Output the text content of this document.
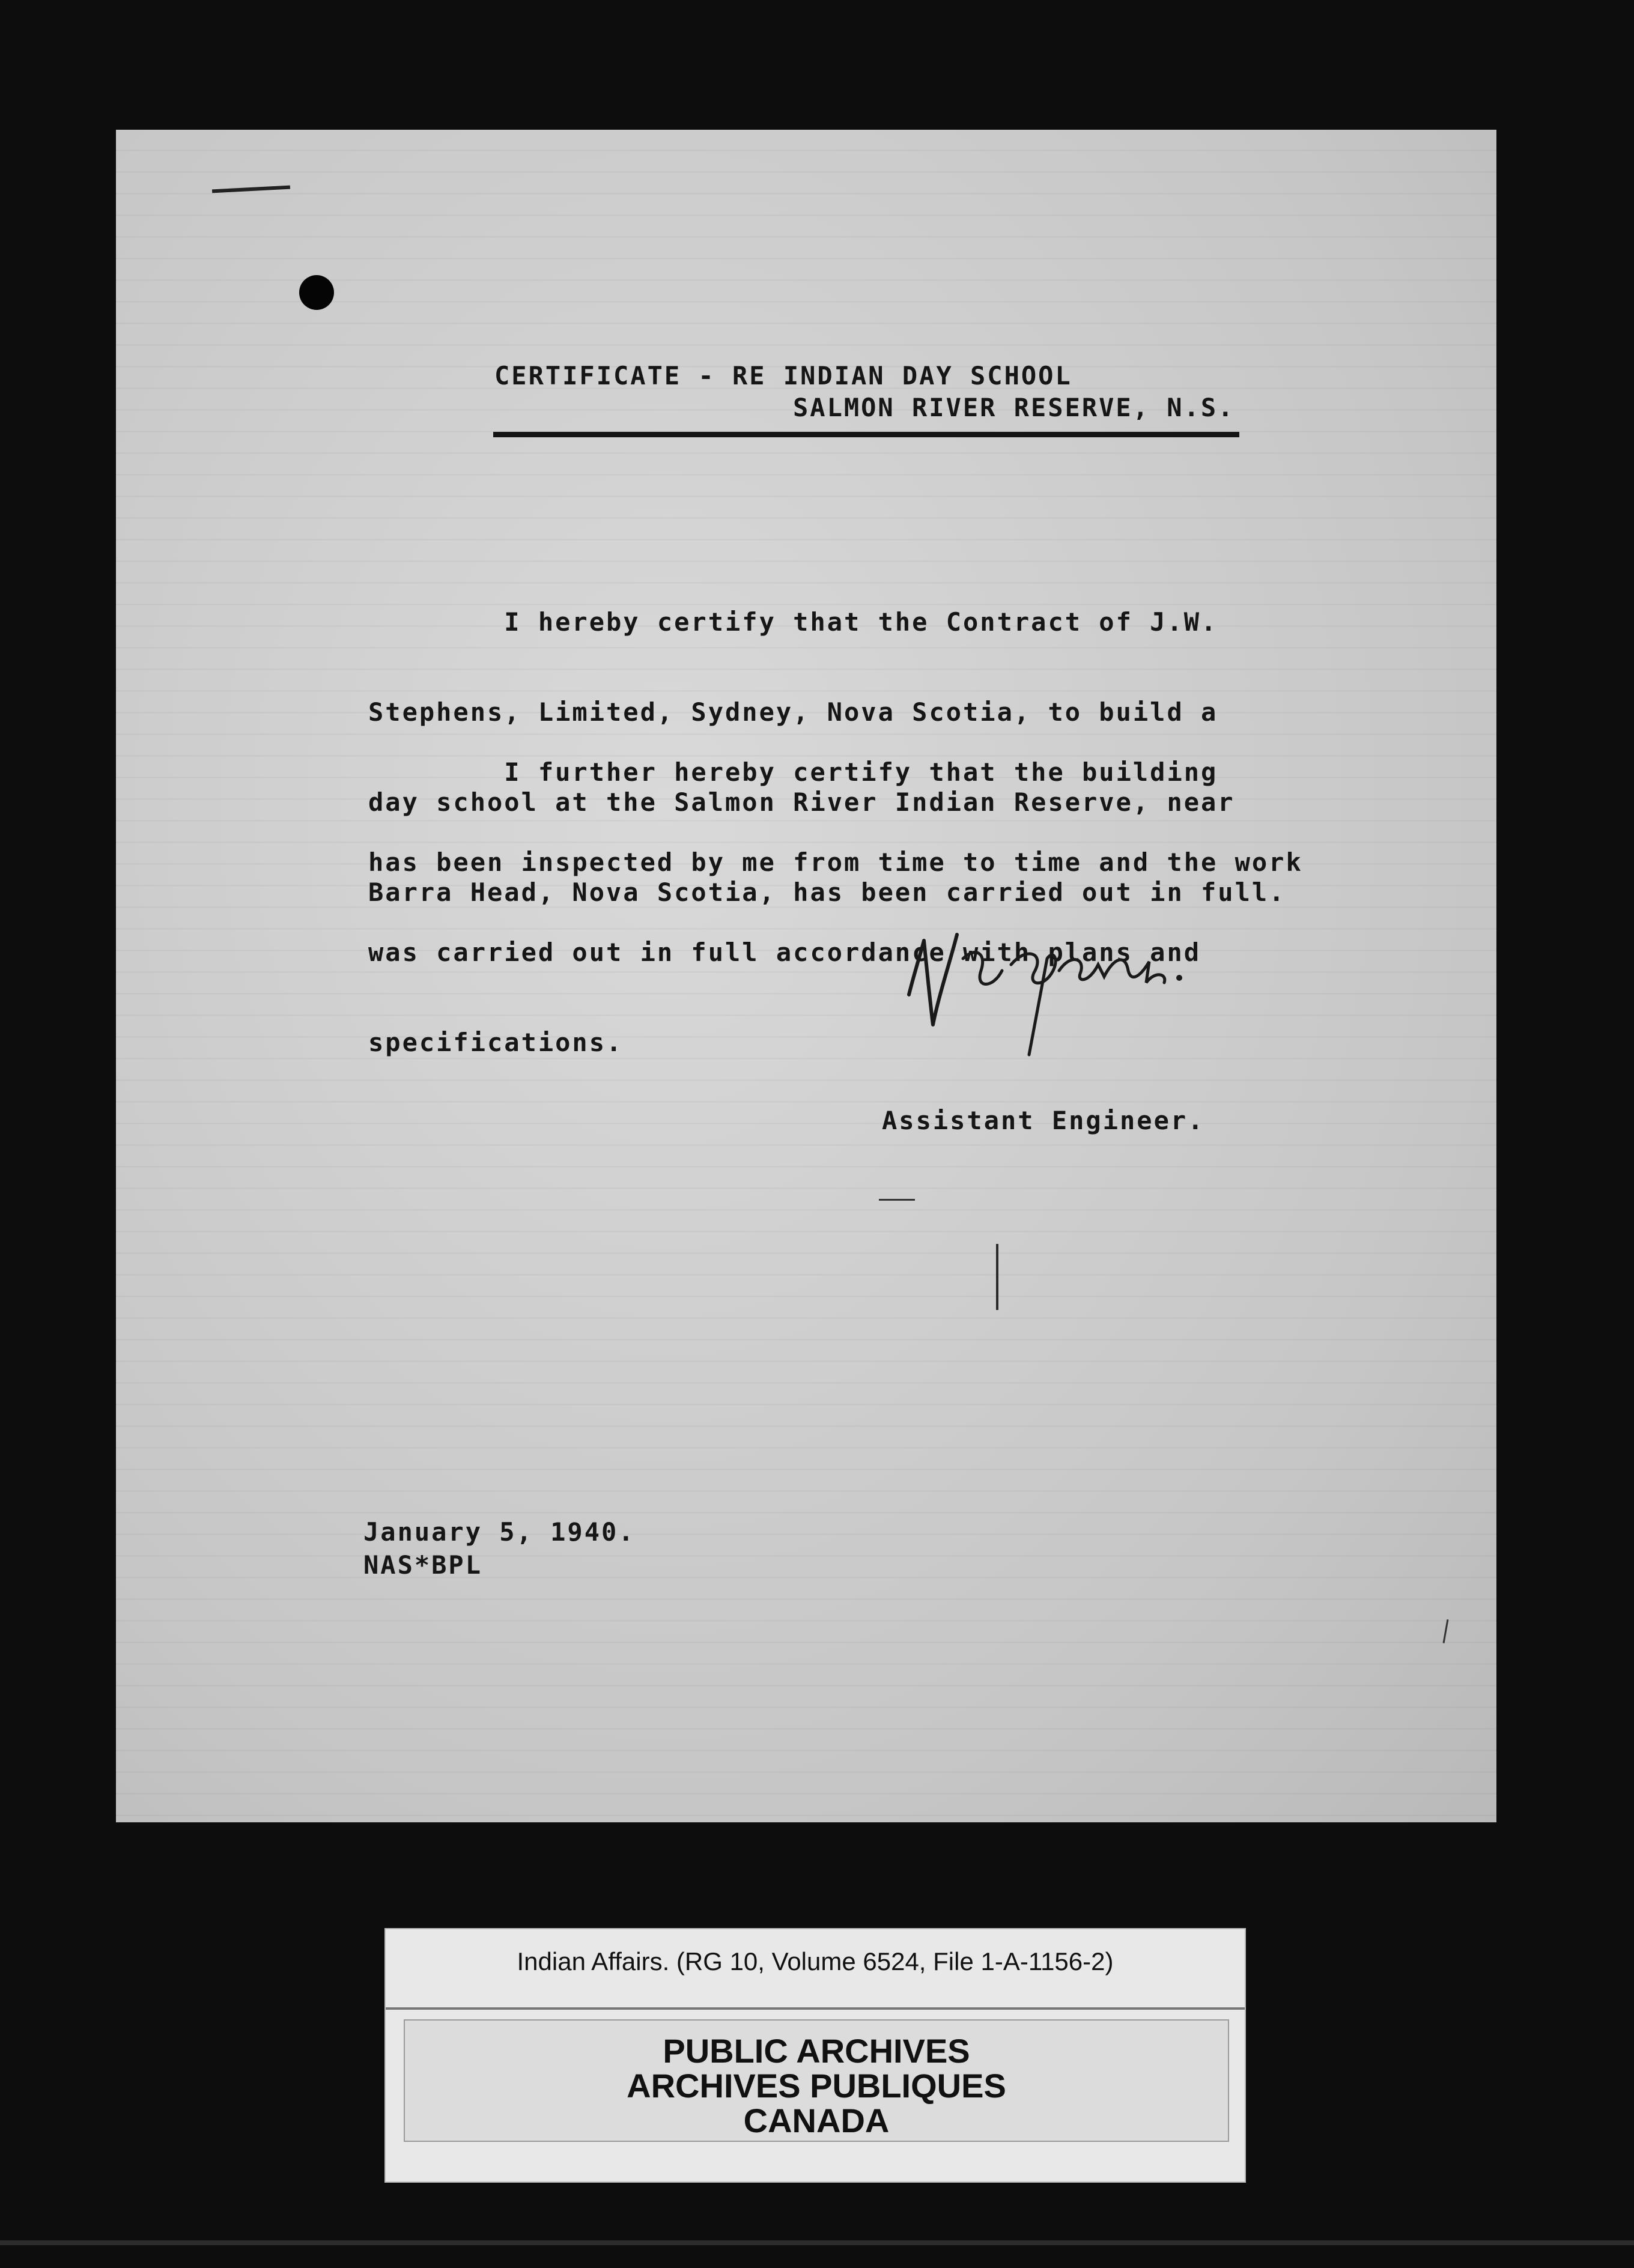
CERTIFICATE - RE INDIAN DAY SCHOOL
SALMON RIVER RESERVE, N.S.

I hereby certify that the Contract of J.W.

Stephens, Limited, Sydney, Nova Scotia, to build a

day school at the Salmon River Indian Reserve, near

Barra Head, Nova Scotia, has been carried out in full.

I further hereby certify that the building

has been inspected by me from time to time and the work

was carried out in full accordance with plans and

specifications.

Assistant Engineer.
January 5, 1940.
NAS*BPL
Indian Affairs. (RG 10, Volume 6524, File 1-A-1156-2)
PUBLIC ARCHIVES
ARCHIVES PUBLIQUES
CANADA
